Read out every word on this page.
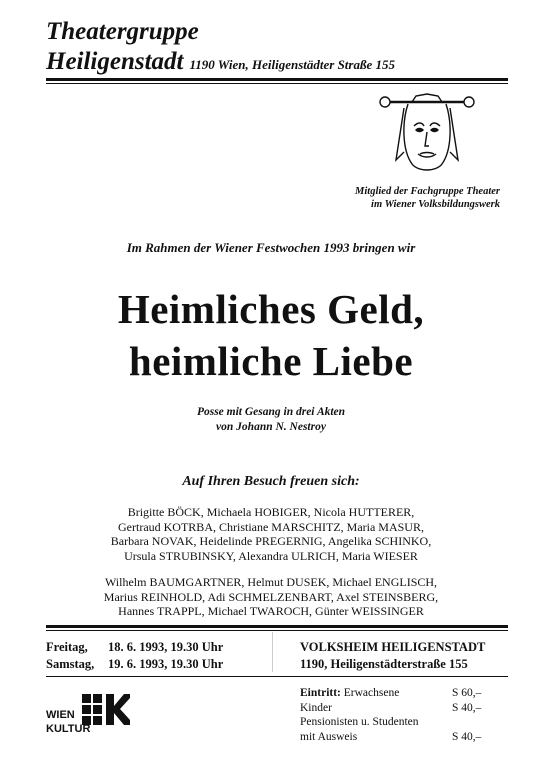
Theatergruppe
Heiligenstadt 1190 Wien, Heiligenstädter Straße 155
Mitglied der Fachgruppe Theater
im Wiener Volksbildungswerk
Im Rahmen der Wiener Festwochen 1993 bringen wir
Heimliches Geld,
heimliche Liebe
Posse mit Gesang in drei Akten
von Johann N. Nestroy
Auf Ihren Besuch freuen sich:
Brigitte BÖCK, Michaela HOBIGER, Nicola HUTTERER,
Gertraud KOTRBA, Christiane MARSCHITZ, Maria MASUR,
Barbara NOVAK, Heidelinde PREGERNIG, Angelika SCHINKO,
Ursula STRUBINSKY, Alexandra ULRICH, Maria WIESER
Wilhelm BAUMGARTNER, Helmut DUSEK, Michael ENGLISCH,
Marius REINHOLD, Adi SCHMELZENBART, Axel STEINSBERG,
Hannes TRAPPL, Michael TWAROCH, Günter WEISSINGER
Freitag, 18. 6. 1993, 19.30 Uhr
Samstag, 19. 6. 1993, 19.30 Uhr
VOLKSHEIM HEILIGENSTADT
1190, Heiligenstädterstraße 155
Eintritt: Erwachsene	S 60,–
Kinder	S 40,–
Pensionisten u. Studenten
mit Ausweis	S 40,–
WIEN
KULTUR
